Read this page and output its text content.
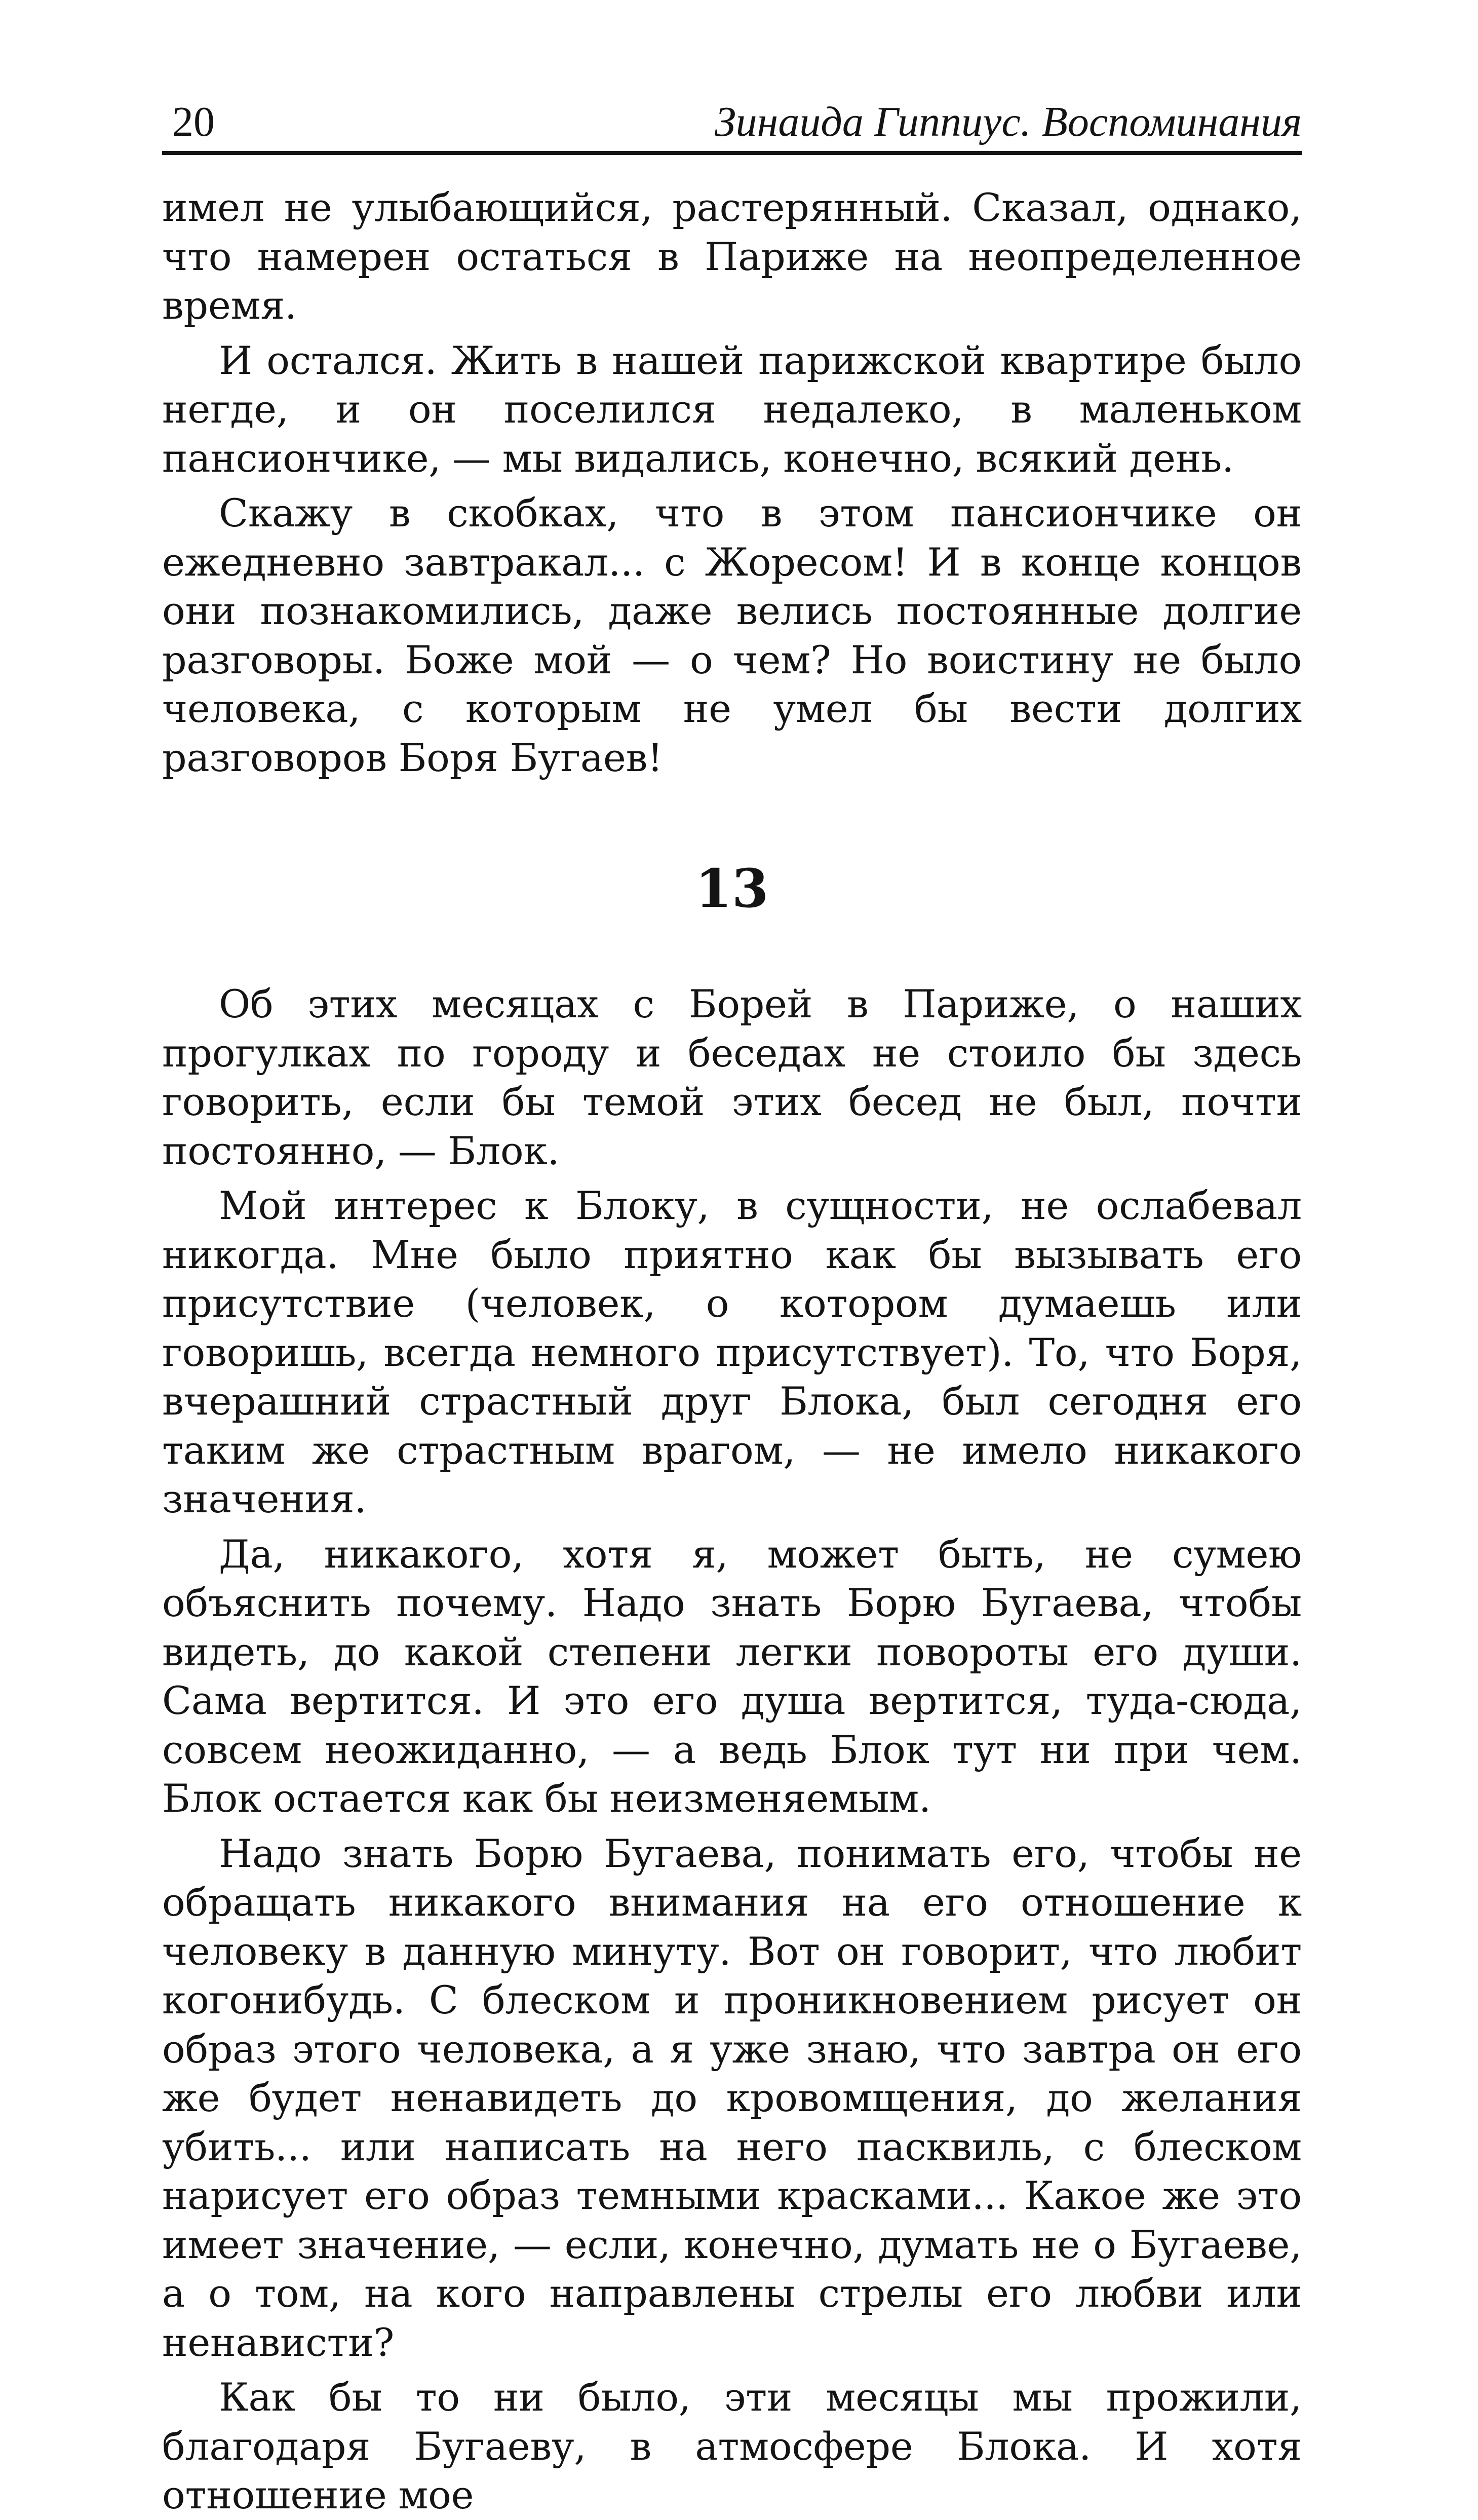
20	Зинаида Гиппиус. Воспоминания

имел не улыбающийся, растерянный. Сказал, однако, что намерен остаться в Париже на неопределенное время.

И остался. Жить в нашей парижской квартире было негде, и он поселился недалеко, в маленьком пансиончике, — мы видались, конечно, всякий день.

Скажу в скобках, что в этом пансиончике он ежедневно завтракал... с Жоресом! И в конце концов они познакомились, даже велись постоянные долгие разговоры. Боже мой — о чем? Но воистину не было человека, с которым не умел бы вести долгих разговоров Боря Бугаев!

13

Об этих месяцах с Борей в Париже, о наших прогулках по городу и беседах не стоило бы здесь говорить, если бы темой этих бесед не был, почти постоянно, — Блок.

Мой интерес к Блоку, в сущности, не ослабевал никогда. Мне было приятно как бы вызывать его присутствие (человек, о котором думаешь или говоришь, всегда немного присутствует). То, что Боря, вчерашний страстный друг Блока, был сегодня его таким же страстным врагом, — не имело никакого значения.

Да, никакого, хотя я, может быть, не сумею объяснить почему. Надо знать Борю Бугаева, чтобы видеть, до какой степени легки повороты его души. Сама вертится. И это его душа вертится, туда-сюда, совсем неожиданно, — а ведь Блок тут ни при чем. Блок остается как бы неизменяемым.

Надо знать Борю Бугаева, понимать его, чтобы не обращать никакого внимания на его отношение к человеку в данную минуту. Вот он говорит, что любит когонибудь. С блеском и проникновением рисует он образ этого человека, а я уже знаю, что завтра он его же будет ненавидеть до кровомщения, до желания убить... или написать на него пасквиль, с блеском нарисует его образ темными красками... Какое же это имеет значение, — если, конечно, думать не о Бугаеве, а о том, на кого направлены стрелы его любви или ненависти?

Как бы то ни было, эти месяцы мы прожили, благодаря Бугаеву, в атмосфере Блока. И хотя отношение мое
